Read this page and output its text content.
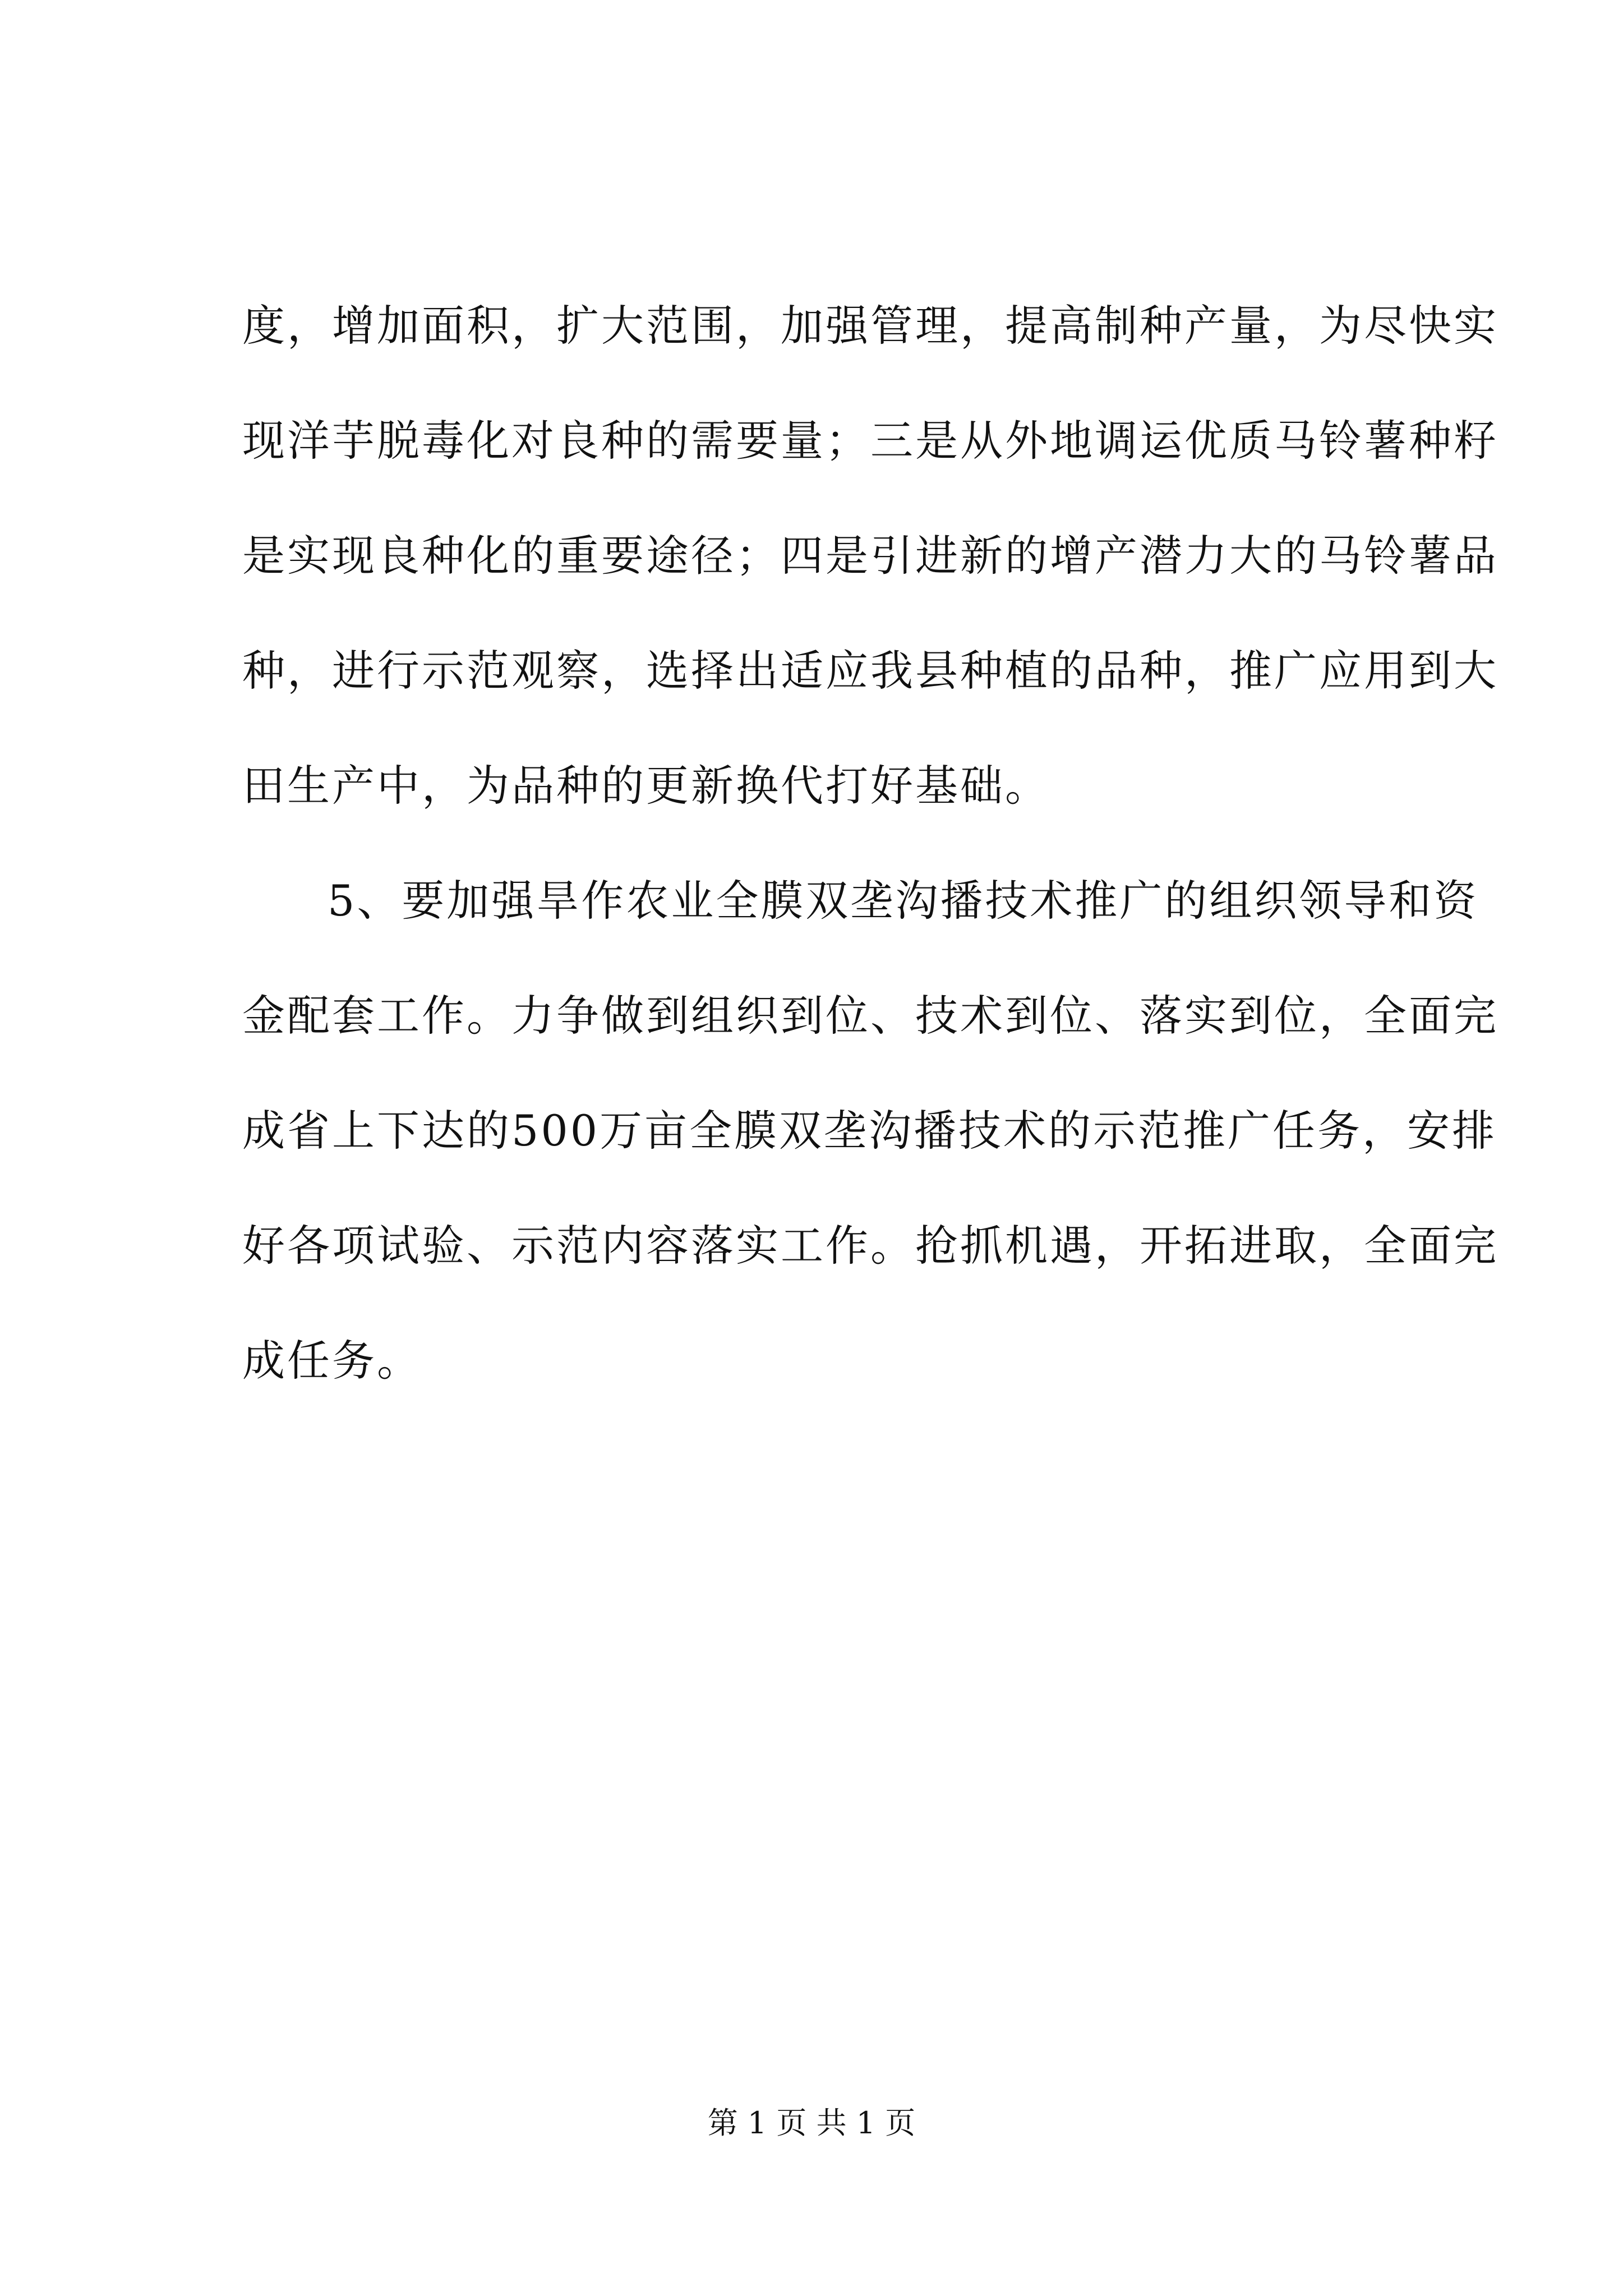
度，增加面积，扩大范围，加强管理，提高制种产量，为尽快实
现洋芋脱毒化对良种的需要量；三是从外地调运优质马铃薯种籽
是实现良种化的重要途径；四是引进新的增产潜力大的马铃薯品
种，进行示范观察，选择出适应我县种植的品种，推广应用到大
田生产中，为品种的更新换代打好基础。
5、要加强旱作农业全膜双垄沟播技术推广的组织领导和资
金配套工作。力争做到组织到位、技术到位、落实到位，全面完
成省上下达的500万亩全膜双垄沟播技术的示范推广任务，安排
好各项试验、示范内容落实工作。抢抓机遇，开拓进取，全面完
成任务。
第 1 页 共 1 页
